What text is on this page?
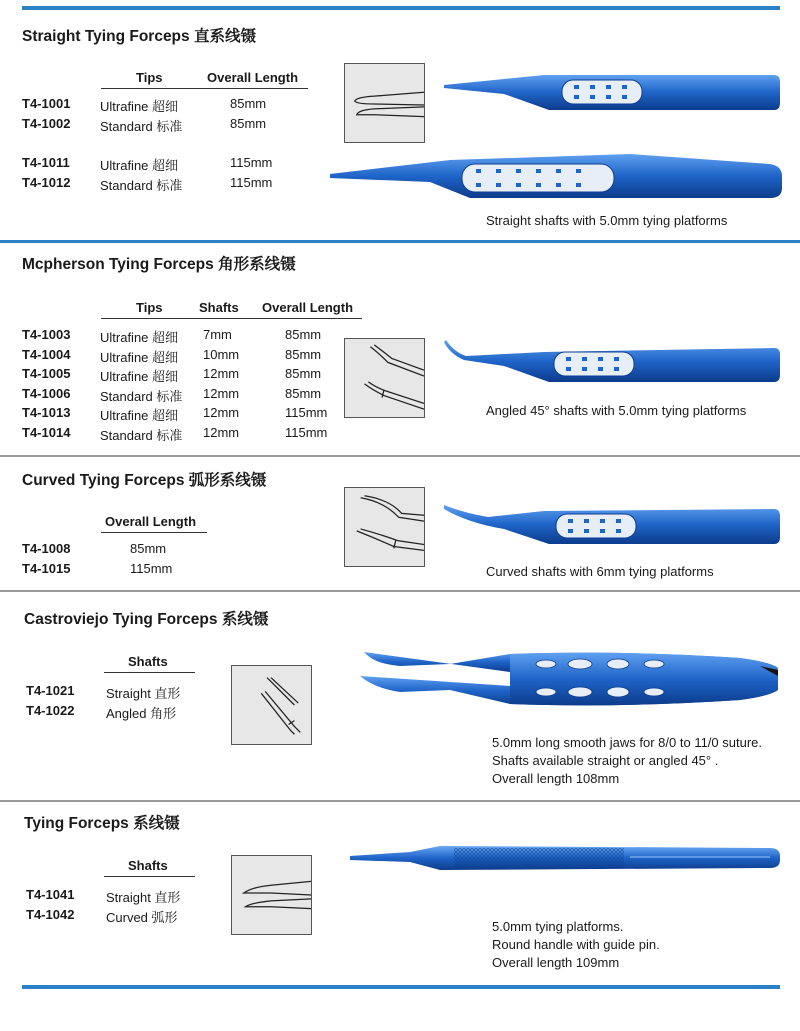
Straight Tying Forceps 直系线镊
Tips	Overall Length
T4-1001 Ultrafine 超细	85mm
T4-1002 Standard 标准	85mm
T4-1011 Ultrafine 超细	115mm
T4-1012 Standard 标准	115mm
Straight shafts with 5.0mm tying platforms
Mcpherson Tying Forceps 角形系线镊
Tips	Shafts Overall Length
T4-1003 Ultrafine 超细 7mm	85mm
T4-1004 Ultrafine 超细 10mm	85mm
T4-1005 Ultrafine 超细 12mm	85mm
T4-1006 Standard 标准 12mm	85mm
T4-1013 Ultrafine 超细 12mm	115mm
T4-1014 Standard 标准 12mm	115mm
Angled 45° shafts with 5.0mm tying platforms
Curved Tying Forceps 弧形系线镊
Overall Length
T4-1008	85mm
T4-1015	115mm	Curved shafts with 6mm tying platforms
Castroviejo Tying Forceps 系线镊
Shafts
T4-1021 Straight 直形
T4-1022 Angled 角形
5.0mm long smooth jaws for 8/0 to 11/0 suture.
Shafts available straight or angled 45° .
Overall length 108mm
Tying Forceps 系线镊
Shafts
T4-1041 Straight 直形
T4-1042 Curved 弧形
5.0mm tying platforms.
Round handle with guide pin.
Overall length 109mm
